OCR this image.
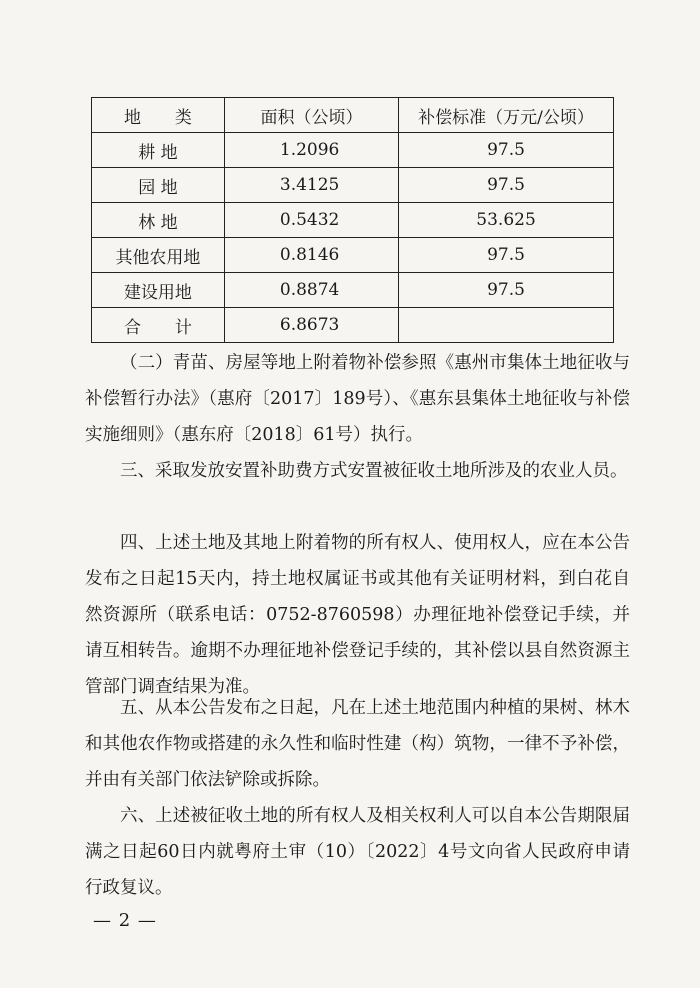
地　　类	面积（公顷）	补偿标准（万元/公顷）
耕 地	1.2096	97.5
园 地	3.4125	97.5
林 地	0.5432	53.625
其他农用地	0.8146	97.5
建设用地	0.8874	97.5
合　　计	6.8673	

（二）青苗、房屋等地上附着物补偿参照《惠州市集体土地征收与补偿暂行办法》（惠府〔2017〕189号）、《惠东县集体土地征收与补偿实施细则》（惠东府〔2018〕61号）执行。

三、采取发放安置补助费方式安置被征收土地所涉及的农业人员。

四、上述土地及其地上附着物的所有权人、使用权人，应在本公告发布之日起15天内，持土地权属证书或其他有关证明材料，到白花自然资源所（联系电话：0752-8760598）办理征地补偿登记手续，并请互相转告。逾期不办理征地补偿登记手续的，其补偿以县自然资源主管部门调查结果为准。

五、从本公告发布之日起，凡在上述土地范围内种植的果树、林木和其他农作物或搭建的永久性和临时性建（构）筑物，一律不予补偿，并由有关部门依法铲除或拆除。

六、上述被征收土地的所有权人及相关权利人可以自本公告期限届满之日起60日内就粤府土审（10）〔2022〕4号文向省人民政府申请行政复议。

— 2 —
